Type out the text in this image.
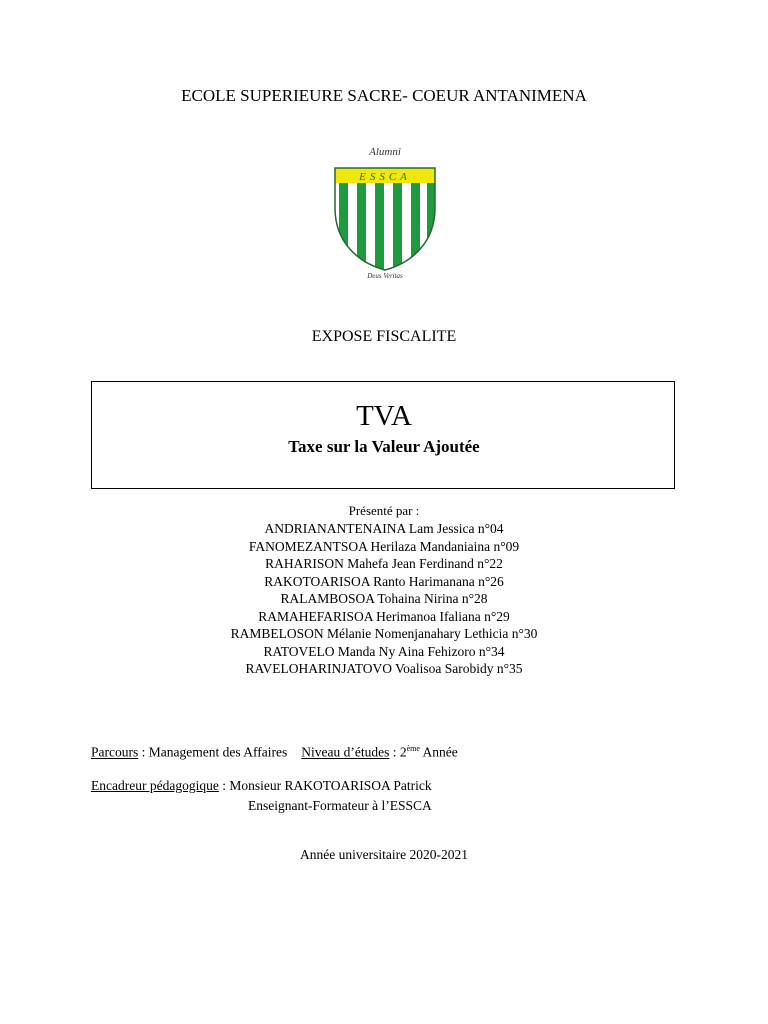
ECOLE SUPERIEURE SACRE- COEUR ANTANIMENA
Alumni
ESSCA
Deus Veritas
EXPOSE FISCALITE
TVA
Taxe sur la Valeur Ajoutée
Présenté par :
ANDRIANANTENAINA Lam Jessica n°04
FANOMEZANTSOA Herilaza Mandaniaina n°09
RAHARISON Mahefa Jean Ferdinand n°22
RAKOTOARISOA Ranto Harimanana n°26
RALAMBOSOA Tohaina Nirina n°28
RAMAHEFARISOA Herimanoa Ifaliana n°29
RAMBELOSON Mélanie Nomenjanahary Lethicia n°30
RATOVELO Manda Ny Aina Fehizoro n°34
RAVELOHARINJATOVO Voalisoa Sarobidy n°35
Parcours : Management des Affaires Niveau d’études : 2ème Année
Encadreur pédagogique : Monsieur RAKOTOARISOA Patrick
Enseignant-Formateur à l’ESSCA
Année universitaire 2020-2021
